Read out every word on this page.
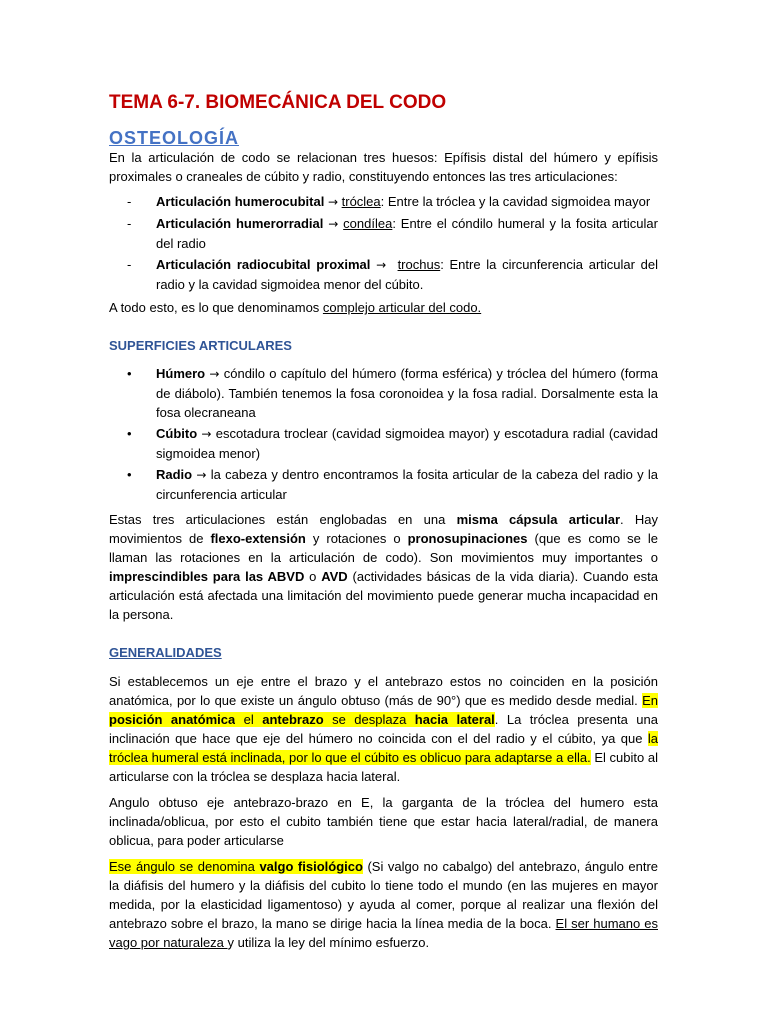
TEMA 6-7. BIOMECÁNICA DEL CODO
OSTEOLOGÍA

En la articulación de codo se relacionan tres huesos: Epífisis distal del húmero y epífisis proximales o craneales de cúbito y radio, constituyendo entonces las tres articulaciones:

- Articulación humerocubital → tróclea: Entre la tróclea y la cavidad sigmoidea mayor
- Articulación humerorradial → condílea: Entre el cóndilo humeral y la fosita articular del radio
- Articulación radiocubital proximal → trochus: Entre la circunferencia articular del radio y la cavidad sigmoidea menor del cúbito.

A todo esto, es lo que denominamos complejo articular del codo.

SUPERFICIES ARTICULARES
• Húmero → cóndilo o capítulo del húmero (forma esférica) y tróclea del húmero (forma de diábolo). También tenemos la fosa coronoidea y la fosa radial. Dorsalmente esta la fosa olecraneana
• Cúbito → escotadura troclear (cavidad sigmoidea mayor) y escotadura radial (cavidad sigmoidea menor)
• Radio → la cabeza y dentro encontramos la fosita articular de la cabeza del radio y la circunferencia articular

Estas tres articulaciones están englobadas en una misma cápsula articular. Hay movimientos de flexo-extensión y rotaciones o pronosupinaciones (que es como se le llaman las rotaciones en la articulación de codo). Son movimientos muy importantes o imprescindibles para las ABVD o AVD (actividades básicas de la vida diaria). Cuando esta articulación está afectada una limitación del movimiento puede generar mucha incapacidad en la persona.

GENERALIDADES

Si establecemos un eje entre el brazo y el antebrazo estos no coinciden en la posición anatómica, por lo que existe un ángulo obtuso (más de 90°) que es medido desde medial. En posición anatómica el antebrazo se desplaza hacia lateral. La tróclea presenta una inclinación que hace que eje del húmero no coincida con el del radio y el cúbito, ya que la tróclea humeral está inclinada, por lo que el cúbito es oblicuo para adaptarse a ella. El cubito al articularse con la tróclea se desplaza hacia lateral.

Angulo obtuso eje antebrazo-brazo en E, la garganta de la tróclea del humero esta inclinada/oblicua, por esto el cubito también tiene que estar hacia lateral/radial, de manera oblicua, para poder articularse

Ese ángulo se denomina valgo fisiológico (Si valgo no cabalgo) del antebrazo, ángulo entre la diáfisis del humero y la diáfisis del cubito lo tiene todo el mundo (en las mujeres en mayor medida, por la elasticidad ligamentoso) y ayuda al comer, porque al realizar una flexión del antebrazo sobre el brazo, la mano se dirige hacia la línea media de la boca. El ser humano es vago por naturaleza y utiliza la ley del mínimo esfuerzo.
